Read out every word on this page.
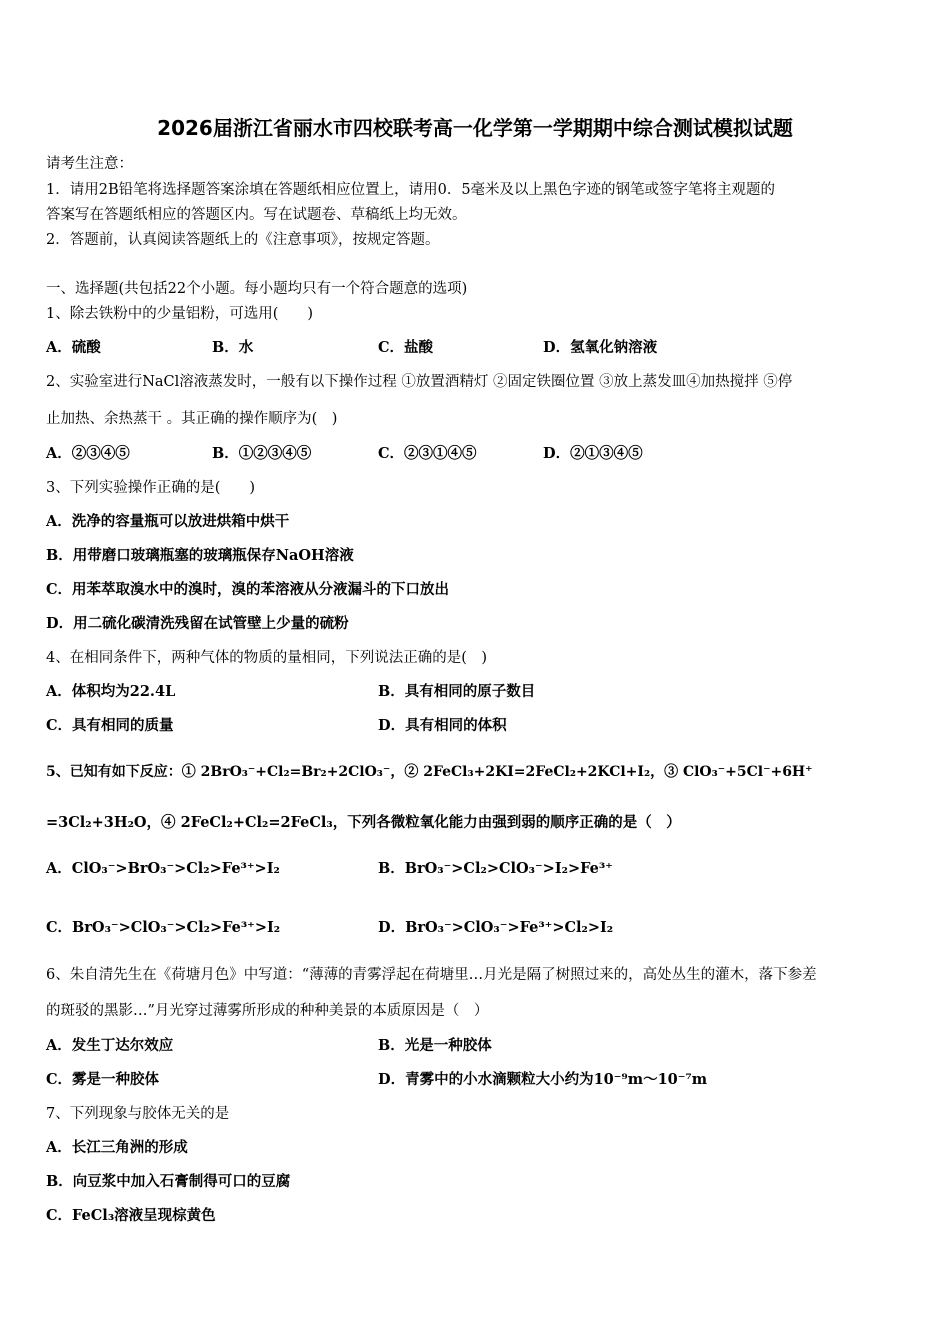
2026届浙江省丽水市四校联考高一化学第一学期期中综合测试模拟试题
请考生注意：
1．请用2B铅笔将选择题答案涂填在答题纸相应位置上，请用0．5毫米及以上黑色字迹的钢笔或签字笔将主观题的
答案写在答题纸相应的答题区内。写在试题卷、草稿纸上均无效。
2．答题前，认真阅读答题纸上的《注意事项》，按规定答题。
一、选择题(共包括22个小题。每小题均只有一个符合题意的选项)
1、除去铁粉中的少量铝粉，可选用(　　)
A．硫酸	B．水	C．盐酸	D．氢氧化钠溶液
2、实验室进行NaCl溶液蒸发时，一般有以下操作过程 ①放置酒精灯 ②固定铁圈位置 ③放上蒸发皿④加热搅拌 ⑤停
止加热、余热蒸干 。其正确的操作顺序为(　)
A．②③④⑤	B．①②③④⑤	C．②③①④⑤	D．②①③④⑤
3、下列实验操作正确的是(　　)
A．洗净的容量瓶可以放进烘箱中烘干
B．用带磨口玻璃瓶塞的玻璃瓶保存NaOH溶液
C．用苯萃取溴水中的溴时，溴的苯溶液从分液漏斗的下口放出
D．用二硫化碳清洗残留在试管壁上少量的硫粉
4、在相同条件下，两种气体的物质的量相同，下列说法正确的是(　)
A．体积均为22.4L	B．具有相同的原子数目
C．具有相同的质量	D．具有相同的体积
5、已知有如下反应：① 2BrO₃⁻+Cl₂=Br₂+2ClO₃⁻，② 2FeCl₃+2KI=2FeCl₂+2KCl+I₂，③ ClO₃⁻+5Cl⁻+6H⁺
=3Cl₂+3H₂O，④ 2FeCl₂+Cl₂=2FeCl₃，下列各微粒氧化能力由强到弱的顺序正确的是（　）
A．ClO₃⁻>BrO₃⁻>Cl₂>Fe³⁺>I₂	B．BrO₃⁻>Cl₂>ClO₃⁻>I₂>Fe³⁺
C．BrO₃⁻>ClO₃⁻>Cl₂>Fe³⁺>I₂	D．BrO₃⁻>ClO₃⁻>Fe³⁺>Cl₂>I₂
6、朱自清先生在《荷塘月色》中写道：“薄薄的青雾浮起在荷塘里…月光是隔了树照过来的，高处丛生的灌木，落下参差
的斑驳的黑影…”月光穿过薄雾所形成的种种美景的本质原因是（　）
A．发生丁达尔效应	B．光是一种胶体
C．雾是一种胶体	D．青雾中的小水滴颗粒大小约为10⁻⁹m～10⁻⁷m
7、下列现象与胶体无关的是
A．长江三角洲的形成
B．向豆浆中加入石膏制得可口的豆腐
C．FeCl₃溶液呈现棕黄色
